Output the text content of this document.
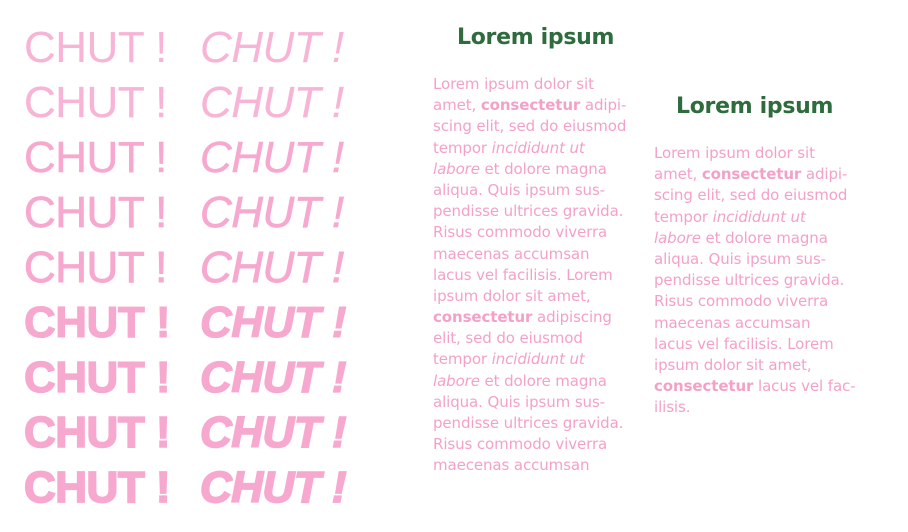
CHUT ! CHUT !
CHUT ! CHUT !
CHUT ! CHUT !
CHUT ! CHUT !
CHUT ! CHUT !
CHUT ! CHUT !
CHUT ! CHUT !
CHUT ! CHUT !
CHUT ! CHUT !
Lorem ipsum
Lorem ipsum dolor sit
amet, consectetur adipi-
scing elit, sed do eiusmod
tempor incididunt ut
labore et dolore magna
aliqua. Quis ipsum sus-
pendisse ultrices gravida.
Risus commodo viverra
maecenas accumsan
lacus vel facilisis. Lorem
ipsum dolor sit amet,
consectetur adipiscing
elit, sed do eiusmod
tempor incididunt ut
labore et dolore magna
aliqua. Quis ipsum sus-
pendisse ultrices gravida.
Risus commodo viverra
maecenas accumsan
Lorem ipsum
Lorem ipsum dolor sit
amet, consectetur adipi-
scing elit, sed do eiusmod
tempor incididunt ut
labore et dolore magna
aliqua. Quis ipsum sus-
pendisse ultrices gravida.
Risus commodo viverra
maecenas accumsan
lacus vel facilisis. Lorem
ipsum dolor sit amet,
consectetur lacus vel fac-
ilisis.
